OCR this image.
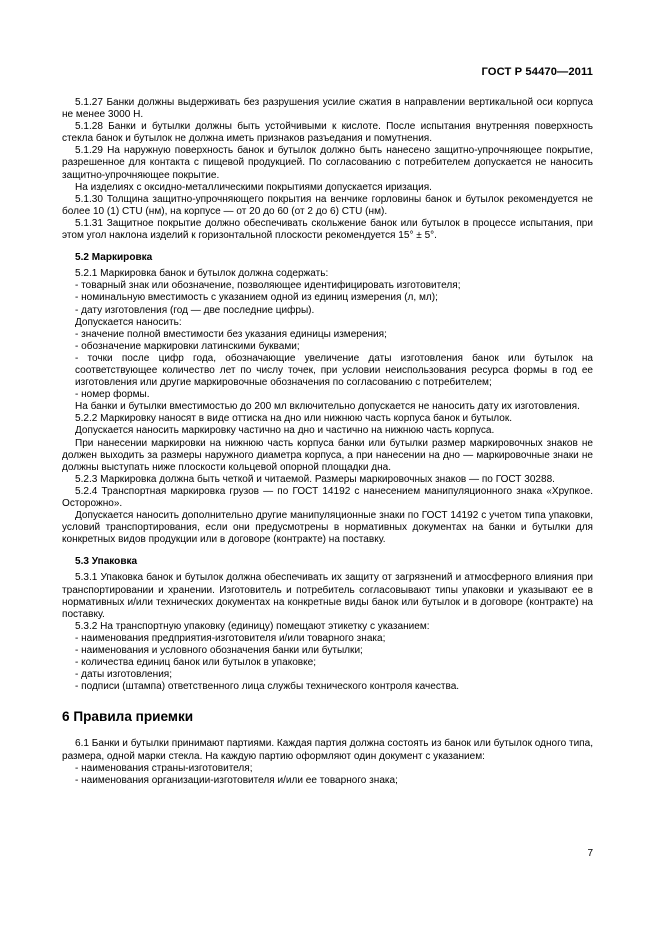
ГОСТ Р 54470—2011
5.1.27 Банки должны выдерживать без разрушения усилие сжатия в направлении вертикальной оси корпуса не менее 3000 Н.
5.1.28 Банки и бутылки должны быть устойчивыми к кислоте. После испытания внутренняя поверхность стекла банок и бутылок не должна иметь признаков разъедания и помутнения.
5.1.29 На наружную поверхность банок и бутылок должно быть нанесено защитно-упрочняющее покрытие, разрешенное для контакта с пищевой продукцией. По согласованию с потребителем допускается не наносить защитно-упрочняющее покрытие.
На изделиях с оксидно-металлическими покрытиями допускается иризация.
5.1.30 Толщина защитно-упрочняющего покрытия на венчике горловины банок и бутылок рекомендуется не более 10 (1) CTU (нм), на корпусе — от 20 до 60 (от 2 до 6) CTU (нм).
5.1.31 Защитное покрытие должно обеспечивать скольжение банок или бутылок в процессе испытания, при этом угол наклона изделий к горизонтальной плоскости рекомендуется 15° ± 5°.
5.2 Маркировка
5.2.1 Маркировка банок и бутылок должна содержать:
- товарный знак или обозначение, позволяющее идентифицировать изготовителя;
- номинальную вместимость с указанием одной из единиц измерения (л, мл);
- дату изготовления (год — две последние цифры).
Допускается наносить:
- значение полной вместимости без указания единицы измерения;
- обозначение маркировки латинскими буквами;
- точки после цифр года, обозначающие увеличение даты изготовления банок или бутылок на соответствующее количество лет по числу точек, при условии неиспользования ресурса формы в год ее изготовления или другие маркировочные обозначения по согласованию с потребителем;
- номер формы.
На банки и бутылки вместимостью до 200 мл включительно допускается не наносить дату их изготовления.
5.2.2 Маркировку наносят в виде оттиска на дно или нижнюю часть корпуса банок и бутылок.
Допускается наносить маркировку частично на дно и частично на нижнюю часть корпуса.
При нанесении маркировки на нижнюю часть корпуса банки или бутылки размер маркировочных знаков не должен выходить за размеры наружного диаметра корпуса, а при нанесении на дно — маркировочные знаки не должны выступать ниже плоскости кольцевой опорной площадки дна.
5.2.3 Маркировка должна быть четкой и читаемой. Размеры маркировочных знаков — по ГОСТ 30288.
5.2.4 Транспортная маркировка грузов — по ГОСТ 14192 с нанесением манипуляционного знака «Хрупкое. Осторожно».
Допускается наносить дополнительно другие манипуляционные знаки по ГОСТ 14192 с учетом типа упаковки, условий транспортирования, если они предусмотрены в нормативных документах на банки и бутылки для конкретных видов продукции или в договоре (контракте) на поставку.
5.3 Упаковка
5.3.1 Упаковка банок и бутылок должна обеспечивать их защиту от загрязнений и атмосферного влияния при транспортировании и хранении. Изготовитель и потребитель согласовывают типы упаковки и указывают ее в нормативных и/или технических документах на конкретные виды банок или бутылок и в договоре (контракте) на поставку.
5.3.2 На транспортную упаковку (единицу) помещают этикетку с указанием:
- наименования предприятия-изготовителя и/или товарного знака;
- наименования и условного обозначения банки или бутылки;
- количества единиц банок или бутылок в упаковке;
- даты изготовления;
- подписи (штампа) ответственного лица службы технического контроля качества.
6 Правила приемки
6.1 Банки и бутылки принимают партиями. Каждая партия должна состоять из банок или бутылок одного типа, размера, одной марки стекла. На каждую партию оформляют один документ с указанием:
- наименования страны-изготовителя;
- наименования организации-изготовителя и/или ее товарного знака;
7
